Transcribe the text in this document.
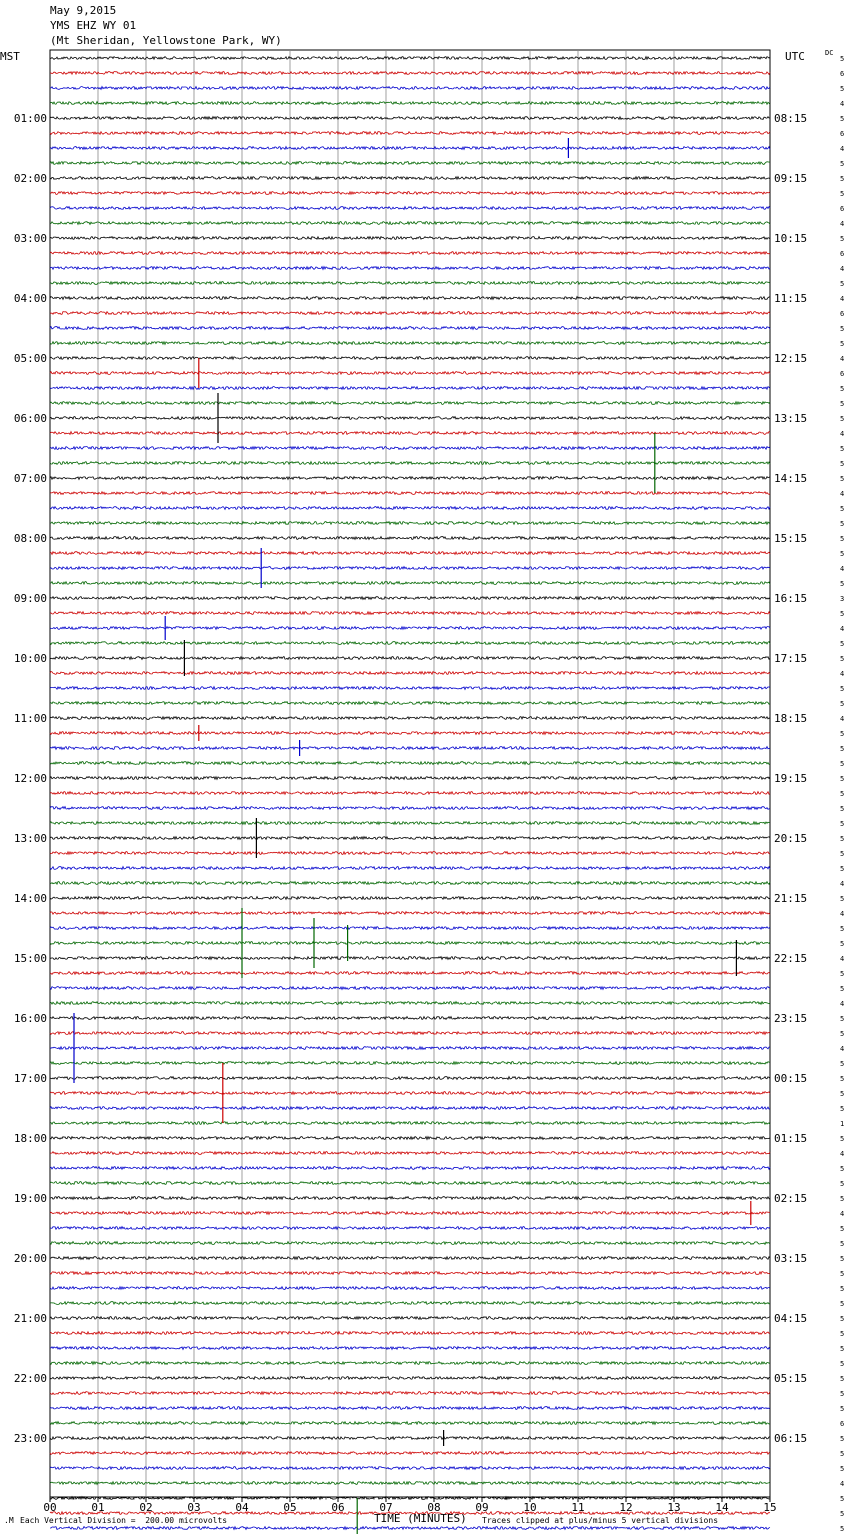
May 9,2015
YMS EHZ WY 01
(Mt Sheridan, Yellowstone Park, WY)
MST	UTC	DC
00	01	02	03	04	05	06	07	08	09	10	11	12	13	14	15
01:00
02:00
03:00
04:00
05:00
06:00
07:00
08:00
09:00
10:00
11:00
12:00
13:00
14:00
15:00
16:00
17:00
18:00
19:00
20:00
21:00
22:00
23:00
08:15
09:15
10:15
11:15
12:15
13:15
14:15
15:15
16:15
17:15
18:15
19:15
20:15
21:15
22:15
23:15
00:15
01:15
02:15
03:15
04:15
05:15
06:15
5
6
5
4
5
6
4
5
5
5
6
4
5
6
4
5
4
6
5
5
4
6
5
5
5
4
5
5
5
4
5
5
5
5
4
5
3
5
4
5
5
4
5
5
4
5
5
5
5
5
5
5
5
5
5
4
5
4
5
5
4
5
5
4
5
5
4
5
5
5
5
1
5
4
5
5
5
4
5
5
5
5
5
5
5
5
5
5
5
5
5
6
5
5
5
4
5
5
5
.M Each Vertical Division =  200.00 microvolts	TIME (MINUTES) Traces clipped at plus/minus 5 vertical divisions
